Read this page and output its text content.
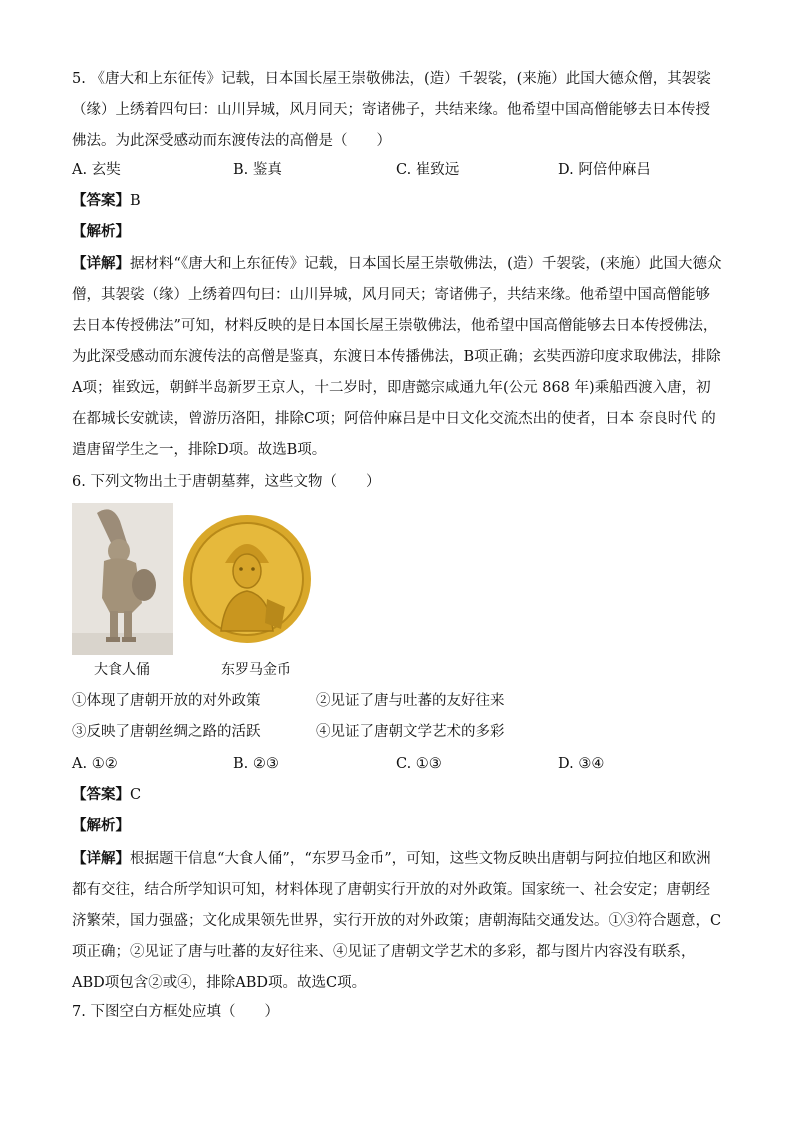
5. 《唐大和上东征传》记载，日本国长屋王崇敬佛法，(造）千袈裟，(来施）此国大德众僧，其袈裟（缘）上绣着四句曰：山川异城，风月同天；寄诸佛子，共结来缘。他希望中国高僧能够去日本传授佛法。为此深受感动而东渡传法的高僧是（　　）
A. 玄奘	B. 鉴真	C. 崔致远	D. 阿倍仲麻吕
【答案】B
【解析】
【详解】据材料“《唐大和上东征传》记载，日本国长屋王崇敬佛法，(造）千袈裟，(来施）此国大德众僧，其袈裟（缘）上绣着四句曰：山川异城，风月同天；寄诸佛子，共结来缘。他希望中国高僧能够去日本传授佛法”可知，材料反映的是日本国长屋王崇敬佛法，他希望中国高僧能够去日本传授佛法，为此深受感动而东渡传法的高僧是鉴真，东渡日本传播佛法，B项正确；玄奘西游印度求取佛法，排除A项；崔致远，朝鲜半岛新罗王京人，十二岁时，即唐懿宗咸通九年(公元 868 年)乘船西渡入唐，初在都城长安就读，曾游历洛阳，排除C项；阿倍仲麻吕是中日文化交流杰出的使者，日本 奈良时代 的遣唐留学生之一，排除D项。故选B项。
6. 下列文物出土于唐朝墓葬，这些文物（　　）
大食人俑	东罗马金币
①体现了唐朝开放的对外政策	②见证了唐与吐蕃的友好往来
③反映了唐朝丝绸之路的活跃	④见证了唐朝文学艺术的多彩
A. ①②	B. ②③	C. ①③	D. ③④
【答案】C
【解析】
【详解】根据题干信息“大食人俑”，“东罗马金币”，可知，这些文物反映出唐朝与阿拉伯地区和欧洲都有交往，结合所学知识可知，材料体现了唐朝实行开放的对外政策。国家统一、社会安定；唐朝经济繁荣，国力强盛；文化成果领先世界，实行开放的对外政策；唐朝海陆交通发达。①③符合题意，C项正确；②见证了唐与吐蕃的友好往来、④见证了唐朝文学艺术的多彩，都与图片内容没有联系，ABD项包含②或④，排除ABD项。故选C项。
7. 下图空白方框处应填（　　）
